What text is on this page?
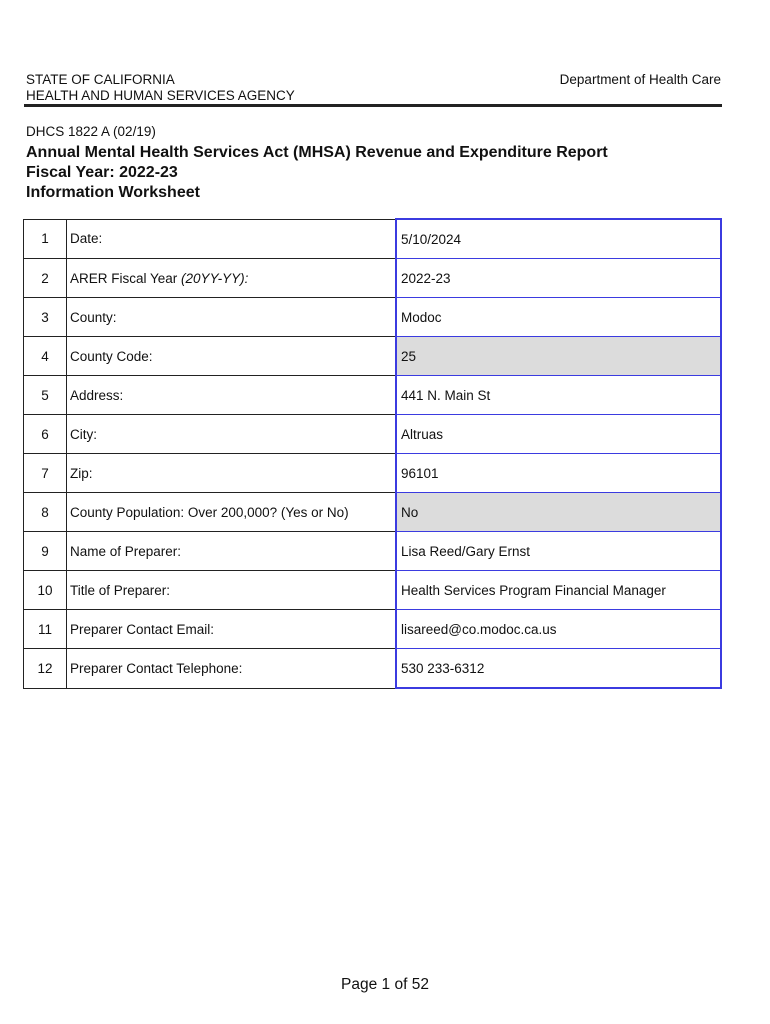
STATE OF CALIFORNIA
HEALTH AND HUMAN SERVICES AGENCY
Department of Health Care
DHCS 1822 A (02/19)
Annual Mental Health Services Act (MHSA) Revenue and Expenditure Report
Fiscal Year: 2022-23
Information Worksheet
1	Date:	5/10/2024
2	ARER Fiscal Year (20YY-YY):	2022-23
3	County:	Modoc
4	County Code:	25
5	Address:	441 N. Main St
6	City:	Altruas
7	Zip:	96101
8	County Population: Over 200,000? (Yes or No)	No
9	Name of Preparer:	Lisa Reed/Gary Ernst
10	Title of Preparer:	Health Services Program Financial Manager
11	Preparer Contact Email:	lisareed@co.modoc.ca.us
12	Preparer Contact Telephone:	530 233-6312
Page 1 of 52
